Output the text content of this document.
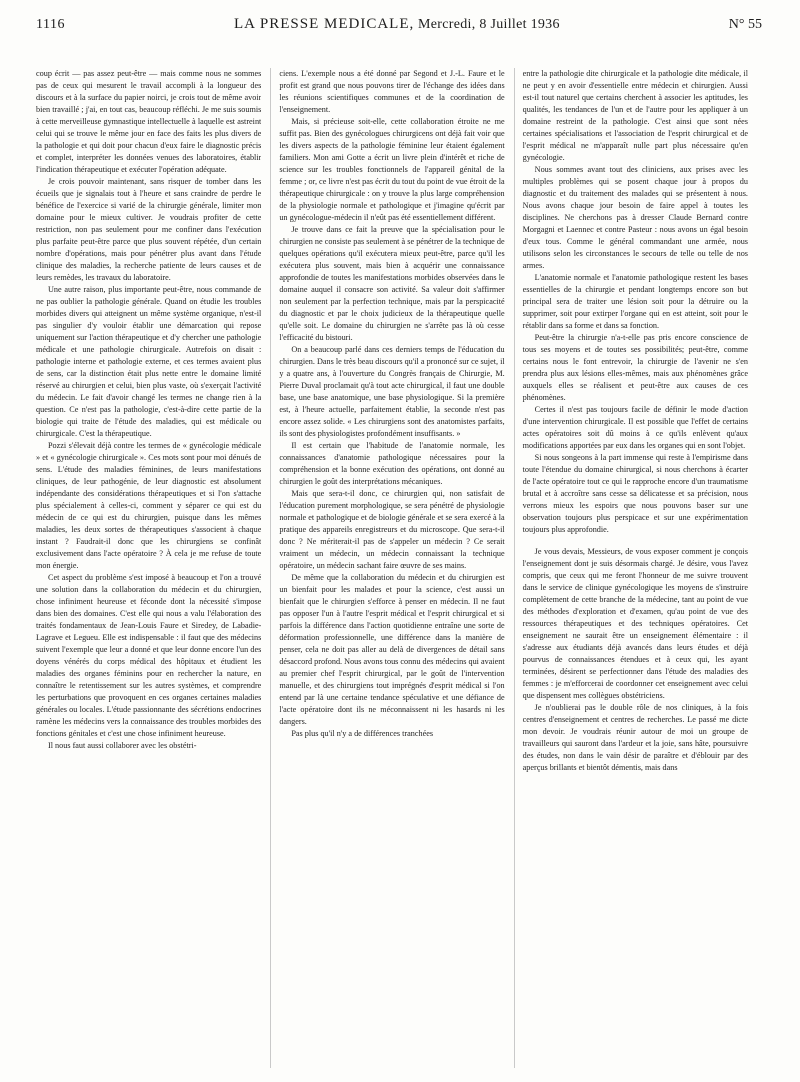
1116	LA PRESSE MEDICALE, Mercredi, 8 Juillet 1936	N° 55

coup écrit — pas assez peut-être — mais comme nous ne sommes pas de ceux qui mesurent le travail accompli à la longueur des discours et à la surface du papier noirci, je crois tout de même avoir bien travaillé ; j'ai, en tout cas, beaucoup réfléchi. Je me suis soumis à cette merveilleuse gymnastique intellectuelle à laquelle est astreint celui qui se trouve le même jour en face des faits les plus divers de la pathologie et qui doit pour chacun d'eux faire le diagnostic précis et complet, interpréter les données venues des laboratoires, établir l'indication thérapeutique et exécuter l'opération adéquate.

Je crois pouvoir maintenant, sans risquer de tomber dans les écueils que je signalais tout à l'heure et sans craindre de perdre le bénéfice de l'exercice si varié de la chirurgie générale, limiter mon domaine pour le mieux cultiver. Je voudrais profiter de cette restriction, non pas seulement pour me confiner dans l'exécution plus parfaite peut-être parce que plus souvent répétée, d'un certain nombre d'opérations, mais pour pénétrer plus avant dans l'étude clinique des maladies, la recherche patiente de leurs causes et de leurs remèdes, les travaux du laboratoire.

Une autre raison, plus importante peut-être, nous commande de ne pas oublier la pathologie générale. Quand on étudie les troubles morbides divers qui atteignent un même système organique, n'est-il pas singulier d'y vouloir établir une démarcation qui repose uniquement sur l'action thérapeutique et d'y chercher une pathologie médicale et une pathologie chirurgicale. Autrefois on disait : pathologie interne et pathologie externe, et ces termes avaient plus de sens, car la distinction était plus nette entre le domaine limité réservé au chirurgien et celui, bien plus vaste, où s'exerçait l'activité du médecin. Le fait d'avoir changé les termes ne change rien à la question. Ce n'est pas la pathologie, c'est-à-dire cette partie de la biologie qui traite de l'étude des maladies, qui est médicale ou chirurgicale. C'est la thérapeutique.

Pozzi s'élevait déjà contre les termes de « gynécologie médicale » et « gynécologie chirurgicale ». Ces mots sont pour moi dénués de sens. L'étude des maladies féminines, de leurs manifestations cliniques, de leur pathogénie, de leur diagnostic est absolument indépendante des considérations thérapeutiques et si l'on s'attache plus spécialement à celles-ci, comment y séparer ce qui est du médecin de ce qui est du chirurgien, puisque dans les mêmes maladies, les deux sortes de thérapeutiques s'associent à chaque instant ? Faudrait-il donc que les chirurgiens se confinât exclusivement dans l'acte opératoire ? À cela je me refuse de toute mon énergie.

Cet aspect du problème s'est imposé à beaucoup et l'on a trouvé une solution dans la collaboration du médecin et du chirurgien, chose infiniment heureuse et féconde dont la nécessité s'impose dans bien des domaines. C'est elle qui nous a valu l'élaboration des traités fondamentaux de Jean-Louis Faure et Siredey, de Labadie-Lagrave et Legueu. Elle est indispensable : il faut que des médecins suivent l'exemple que leur a donné et que leur donne encore l'un des doyens vénérés du corps médical des hôpitaux et étudient les maladies des organes féminins pour en rechercher la nature, en connaître le retentissement sur les autres systèmes, et comprendre les perturbations que provoquent en ces organes certaines maladies générales ou locales. L'étude passionnante des sécrétions endocrines ramène les médecins vers la connaissance des troubles morbides des fonctions génitales et c'est une chose infiniment heureuse.

Il nous faut aussi collaborer avec les obstétri-

ciens. L'exemple nous a été donné par Segond et J.-L. Faure et le profit est grand que nous pouvons tirer de l'échange des idées dans les réunions scientifiques communes et de la coordination de l'enseignement.

Mais, si précieuse soit-elle, cette collaboration étroite ne me suffit pas. Bien des gynécologues chirurgicens ont déjà fait voir que les divers aspects de la pathologie féminine leur étaient également familiers. Mon ami Gotte a écrit un livre plein d'intérêt et riche de science sur les troubles fonctionnels de l'appareil génital de la femme ; or, ce livre n'est pas écrit du tout du point de vue étroit de la thérapeutique chirurgicale : on y trouve la plus large compréhension de la physiologie normale et pathologique et j'imagine qu'écrit par un gynécologue-médecin il n'eût pas été essentiellement différent.

Je trouve dans ce fait la preuve que la spécialisation pour le chirurgien ne consiste pas seulement à se pénétrer de la technique de quelques opérations qu'il exécutera mieux peut-être, parce qu'il les exécutera plus souvent, mais bien à acquérir une connaissance approfondie de toutes les manifestations morbides observées dans le domaine auquel il consacre son activité. Sa valeur doit s'affirmer non seulement par la perfection technique, mais par la perspicacité du diagnostic et par le choix judicieux de la thérapeutique quelle qu'elle soit. Le domaine du chirurgien ne s'arrête pas là où cesse l'efficacité du bistouri.

On a beaucoup parlé dans ces derniers temps de l'éducation du chirurgien. Dans le très beau discours qu'il a prononcé sur ce sujet, il y a quatre ans, à l'ouverture du Congrès français de Chirurgie, M. Pierre Duval proclamait qu'à tout acte chirurgical, il faut une double base, une base anatomique, une base physiologique. Si la première est, à l'heure actuelle, parfaitement établie, la seconde n'est pas encore assez solide. « Les chirurgiens sont des anatomistes parfaits, ils sont des physiologistes profondément insuffisants. »

Il est certain que l'habitude de l'anatomie normale, les connaissances d'anatomie pathologique nécessaires pour la compréhension et la bonne exécution des opérations, ont donné au chirurgien le goût des interprétations mécaniques.

Mais que sera-t-il donc, ce chirurgien qui, non satisfait de l'éducation purement morphologique, se sera pénétré de physiologie normale et pathologique et de biologie générale et se sera exercé à la pratique des appareils enregistreurs et du microscope. Que sera-t-il donc ? Ne mériterait-il pas de s'appeler un médecin ? Ce serait vraiment un médecin, un médecin connaissant la technique opératoire, un médecin sachant faire œuvre de ses mains.

De même que la collaboration du médecin et du chirurgien est un bienfait pour les malades et pour la science, c'est aussi un bienfait que le chirurgien s'efforce à penser en médecin. Il ne faut pas opposer l'un à l'autre l'esprit médical et l'esprit chirurgical et si parfois la différence dans l'action quotidienne entraîne une sorte de déformation professionnelle, une différence dans la manière de penser, cela ne doit pas aller au delà de divergences de détail sans désaccord profond. Nous avons tous connu des médecins qui avaient au premier chef l'esprit chirurgical, par le goût de l'intervention manuelle, et des chirurgiens tout imprégnés d'esprit médical si l'on entend par là une certaine tendance spéculative et une défiance de l'acte opératoire dont ils ne méconnaissent ni les hasards ni les dangers.

Pas plus qu'il n'y a de différences tranchées

entre la pathologie dite chirurgicale et la pathologie dite médicale, il ne peut y en avoir d'essentielle entre médecin et chirurgien. Aussi est-il tout naturel que certains cherchent à associer les aptitudes, les qualités, les tendances de l'un et de l'autre pour les appliquer à un domaine restreint de la pathologie. C'est ainsi que sont nées certaines spécialisations et l'association de l'esprit chirurgical et de l'esprit médical ne m'apparaît nulle part plus nécessaire qu'en gynécologie.

Nous sommes avant tout des cliniciens, aux prises avec les multiples problèmes qui se posent chaque jour à propos du diagnostic et du traitement des malades qui se présentent à nous. Nous avons chaque jour besoin de faire appel à toutes les disciplines. Ne cherchons pas à dresser Claude Bernard contre Morgagni et Laennec et contre Pasteur : nous avons un égal besoin d'eux tous. Comme le général commandant une armée, nous utilisons selon les circonstances le secours de telle ou telle de nos armes.

L'anatomie normale et l'anatomie pathologique restent les bases essentielles de la chirurgie et pendant longtemps encore son but principal sera de traiter une lésion soit pour la détruire ou la supprimer, soit pour extirper l'organe qui en est atteint, soit pour le rétablir dans sa forme et dans sa fonction.

Peut-être la chirurgie n'a-t-elle pas pris encore conscience de tous ses moyens et de toutes ses possibilités; peut-être, comme certains nous le font entrevoir, la chirurgie de l'avenir ne s'en prendra plus aux lésions elles-mêmes, mais aux phénomènes grâce auxquels elles se réalisent et peut-être aux causes de ces phénomènes.

Certes il n'est pas toujours facile de définir le mode d'action d'une intervention chirurgicale. Il est possible que l'effet de certains actes opératoires soit dû moins à ce qu'ils enlèvent qu'aux modifications apportées par eux dans les organes qui en sont l'objet.

Si nous songeons à la part immense qui reste à l'empirisme dans toute l'étendue du domaine chirurgical, si nous cherchons à écarter de l'acte opératoire tout ce qui le rapproche encore d'un traumatisme brutal et à accroître sans cesse sa délicatesse et sa précision, nous verrons mieux les espoirs que nous pouvons baser sur une observation toujours plus perspicace et sur une expérimentation toujours plus approfondie.

Je vous devais, Messieurs, de vous exposer comment je conçois l'enseignement dont je suis désormais chargé. Je désire, vous l'avez compris, que ceux qui me feront l'honneur de me suivre trouvent dans le service de clinique gynécologique les moyens de s'instruire complètement de cette branche de la médecine, tant au point de vue des méthodes d'exploration et d'examen, qu'au point de vue des ressources thérapeutiques et des techniques opératoires. Cet enseignement ne saurait être un enseignement élémentaire : il s'adresse aux étudiants déjà avancés dans leurs études et déjà pourvus de connaissances étendues et à ceux qui, les ayant terminées, désirent se perfectionner dans l'étude des maladies des femmes : je m'efforcerai de coordonner cet enseignement avec celui que dispensent mes collègues obstétriciens.

Je n'oublierai pas le double rôle de nos cliniques, à la fois centres d'enseignement et centres de recherches. Le passé me dicte mon devoir. Je voudrais réunir autour de moi un groupe de travailleurs qui sauront dans l'ardeur et la joie, sans hâte, poursuivre des études, non dans le vain désir de paraître et d'éblouir par des aperçus brillants et bientôt démentis, mais dans
